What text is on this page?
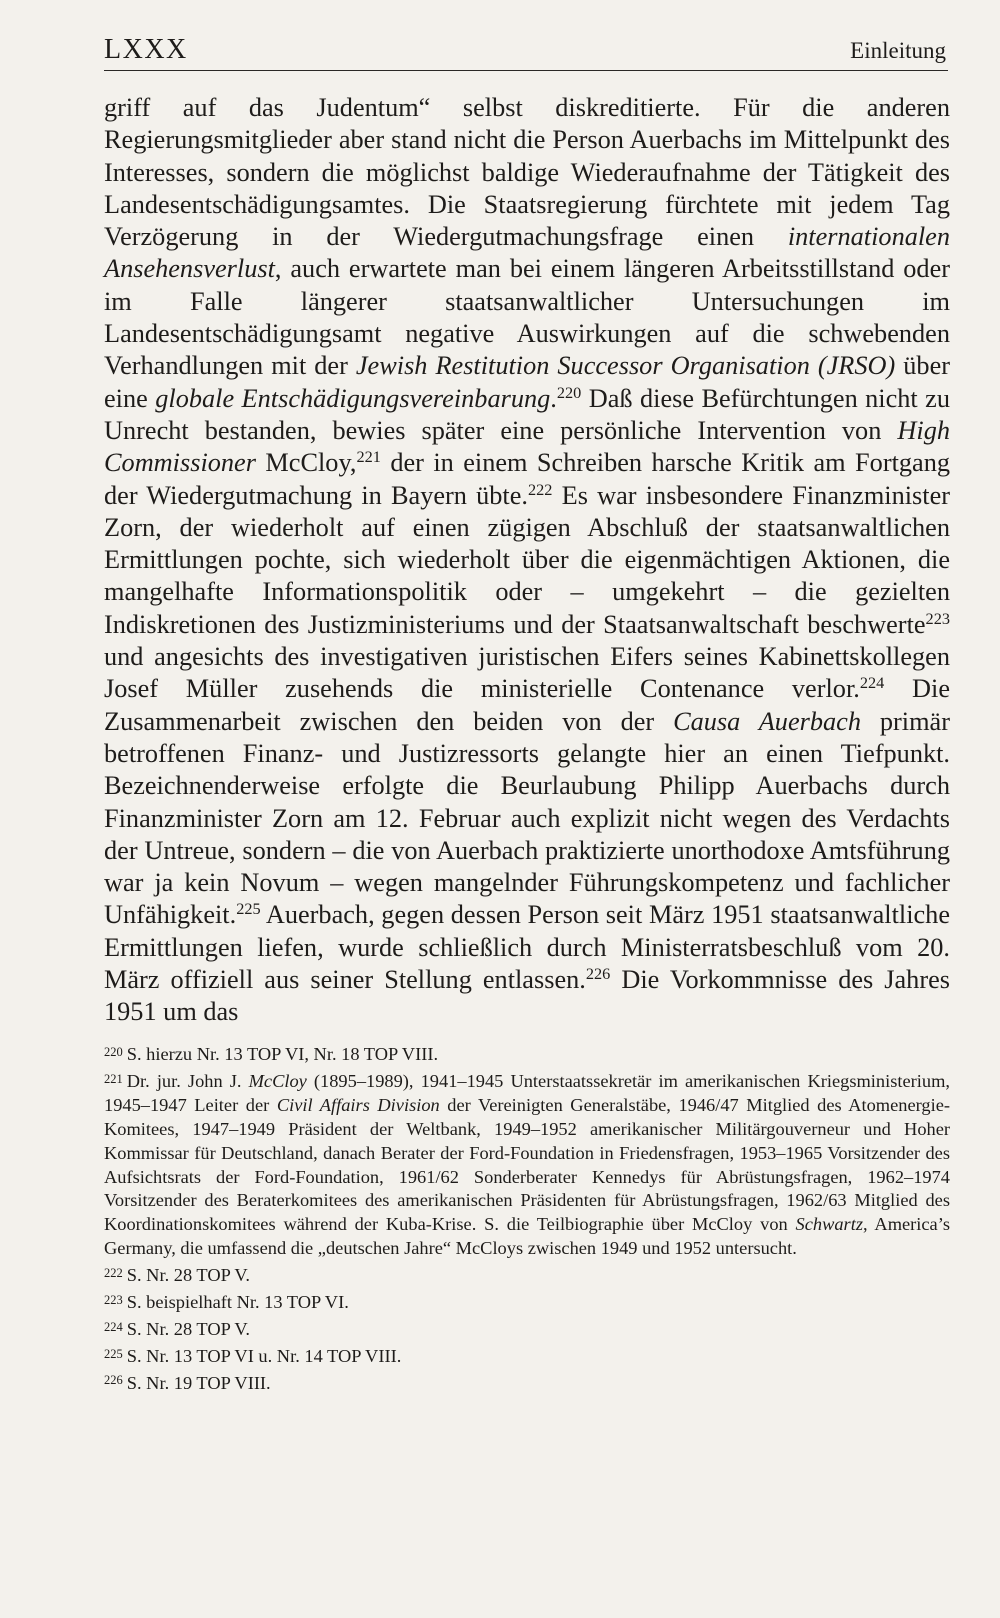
LXXX	Einleitung
griff auf das Judentum“ selbst diskreditierte. Für die anderen Regierungsmitglieder aber stand nicht die Person Auerbachs im Mittelpunkt des Interesses, sondern die möglichst baldige Wiederaufnahme der Tätigkeit des Landesentschädigungsamtes. Die Staatsregierung fürchtete mit jedem Tag Verzögerung in der Wiedergutmachungsfrage einen internationalen Ansehensverlust, auch erwartete man bei einem längeren Arbeitsstillstand oder im Falle längerer staatsanwaltlicher Untersuchungen im Landesentschädigungsamt negative Auswirkungen auf die schwebenden Verhandlungen mit der Jewish Restitution Successor Organisation (JRSO) über eine globale Entschädigungsvereinbarung.$^{220}$ Daß diese Befürchtungen nicht zu Unrecht bestanden, bewies später eine persönliche Intervention von High Commissioner McCloy,$^{221}$ der in einem Schreiben harsche Kritik am Fortgang der Wiedergutmachung in Bayern übte.$^{222}$ Es war insbesondere Finanzminister Zorn, der wiederholt auf einen zügigen Abschluß der staatsanwaltlichen Ermittlungen pochte, sich wiederholt über die eigenmächtigen Aktionen, die mangelhafte Informationspolitik oder – umgekehrt – die gezielten Indiskretionen des Justizministeriums und der Staatsanwaltschaft beschwerte$^{223}$ und angesichts des investigativen juristischen Eifers seines Kabinettskollegen Josef Müller zusehends die ministerielle Contenance verlor.$^{224}$ Die Zusammenarbeit zwischen den beiden von der Causa Auerbach primär betroffenen Finanz- und Justizressorts gelangte hier an einen Tiefpunkt. Bezeichnenderweise erfolgte die Beurlaubung Philipp Auerbachs durch Finanzminister Zorn am 12. Februar auch explizit nicht wegen des Verdachts der Untreue, sondern – die von Auerbach praktizierte unorthodoxe Amtsführung war ja kein Novum – wegen mangelnder Führungskompetenz und fachlicher Unfähigkeit.$^{225}$ Auerbach, gegen dessen Person seit März 1951 staatsanwaltliche Ermittlungen liefen, wurde schließlich durch Ministerratsbeschluß vom 20. März offiziell aus seiner Stellung entlassen.$^{226}$ Die Vorkommnisse des Jahres 1951 um das
$^{220}$ S. hierzu Nr. 13 TOP VI, Nr. 18 TOP VIII.
$^{221}$ Dr. jur. John J. McCloy (1895–1989), 1941–1945 Unterstaatssekretär im amerikanischen Kriegsministerium, 1945–1947 Leiter der Civil Affairs Division der Vereinigten Generalstäbe, 1946/47 Mitglied des Atomenergie-Komitees, 1947–1949 Präsident der Weltbank, 1949–1952 amerikanischer Militärgouverneur und Hoher Kommissar für Deutschland, danach Berater der Ford-Foundation in Friedensfragen, 1953–1965 Vorsitzender des Aufsichtsrats der Ford-Foundation, 1961/62 Sonderberater Kennedys für Abrüstungsfragen, 1962–1974 Vorsitzender des Beraterkomitees des amerikanischen Präsidenten für Abrüstungsfragen, 1962/63 Mitglied des Koordinationskomitees während der Kuba-Krise. S. die Teilbiographie über McCloy von Schwartz, America’s Germany, die umfassend die „deutschen Jahre“ McCloys zwischen 1949 und 1952 untersucht.
$^{222}$ S. Nr. 28 TOP V.
$^{223}$ S. beispielhaft Nr. 13 TOP VI.
$^{224}$ S. Nr. 28 TOP V.
$^{225}$ S. Nr. 13 TOP VI u. Nr. 14 TOP VIII.
$^{226}$ S. Nr. 19 TOP VIII.
